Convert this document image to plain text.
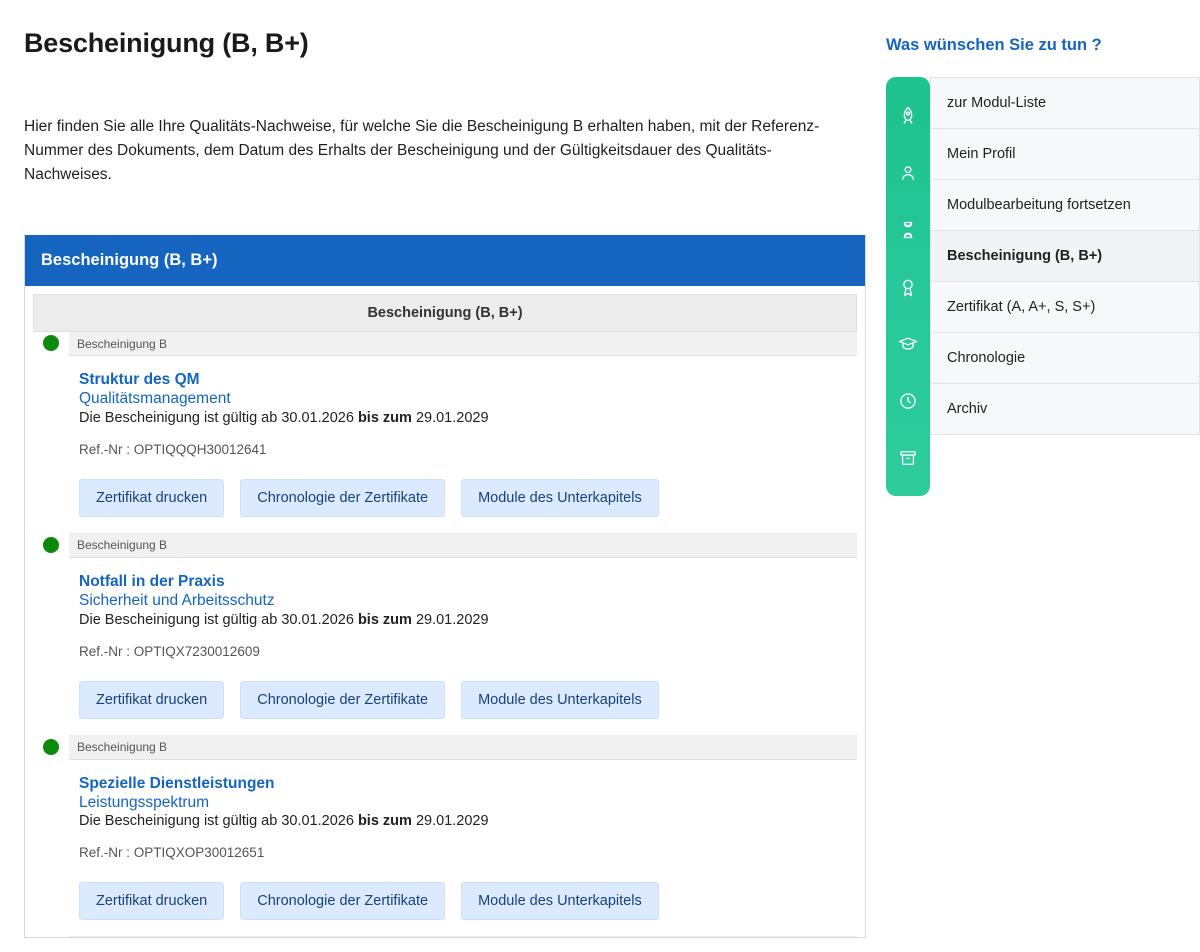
Bescheinigung (B, B+)

Hier finden Sie alle Ihre Qualitäts-Nachweise, für welche Sie die Bescheinigung B erhalten haben, mit der Referenz-Nummer des Dokuments, dem Datum des Erhalts der Bescheinigung und der Gültigkeitsdauer des Qualitäts-Nachweises.

Bescheinigung (B, B+)
Bescheinigung (B, B+)
Bescheinigung B
Struktur des QM
Qualitätsmanagement
Die Bescheinigung ist gültig ab 30.01.2026 bis zum 29.01.2029
Ref.-Nr : OPTIQQQH30012641
Zertifikat drucken	Chronologie der Zertifikate	Module des Unterkapitels
Bescheinigung B
Notfall in der Praxis
Sicherheit und Arbeitsschutz
Die Bescheinigung ist gültig ab 30.01.2026 bis zum 29.01.2029
Ref.-Nr : OPTIQX7230012609
Zertifikat drucken	Chronologie der Zertifikate	Module des Unterkapitels
Bescheinigung B
Spezielle Dienstleistungen
Leistungsspektrum
Die Bescheinigung ist gültig ab 30.01.2026 bis zum 29.01.2029
Ref.-Nr : OPTIQXOP30012651
Zertifikat drucken	Chronologie der Zertifikate	Module des Unterkapitels
Was wünschen Sie zu tun ?
zur Modul-Liste
Mein Profil
Modulbearbeitung fortsetzen
Bescheinigung (B, B+)
Zertifikat (A, A+, S, S+)
Chronologie
Archiv
